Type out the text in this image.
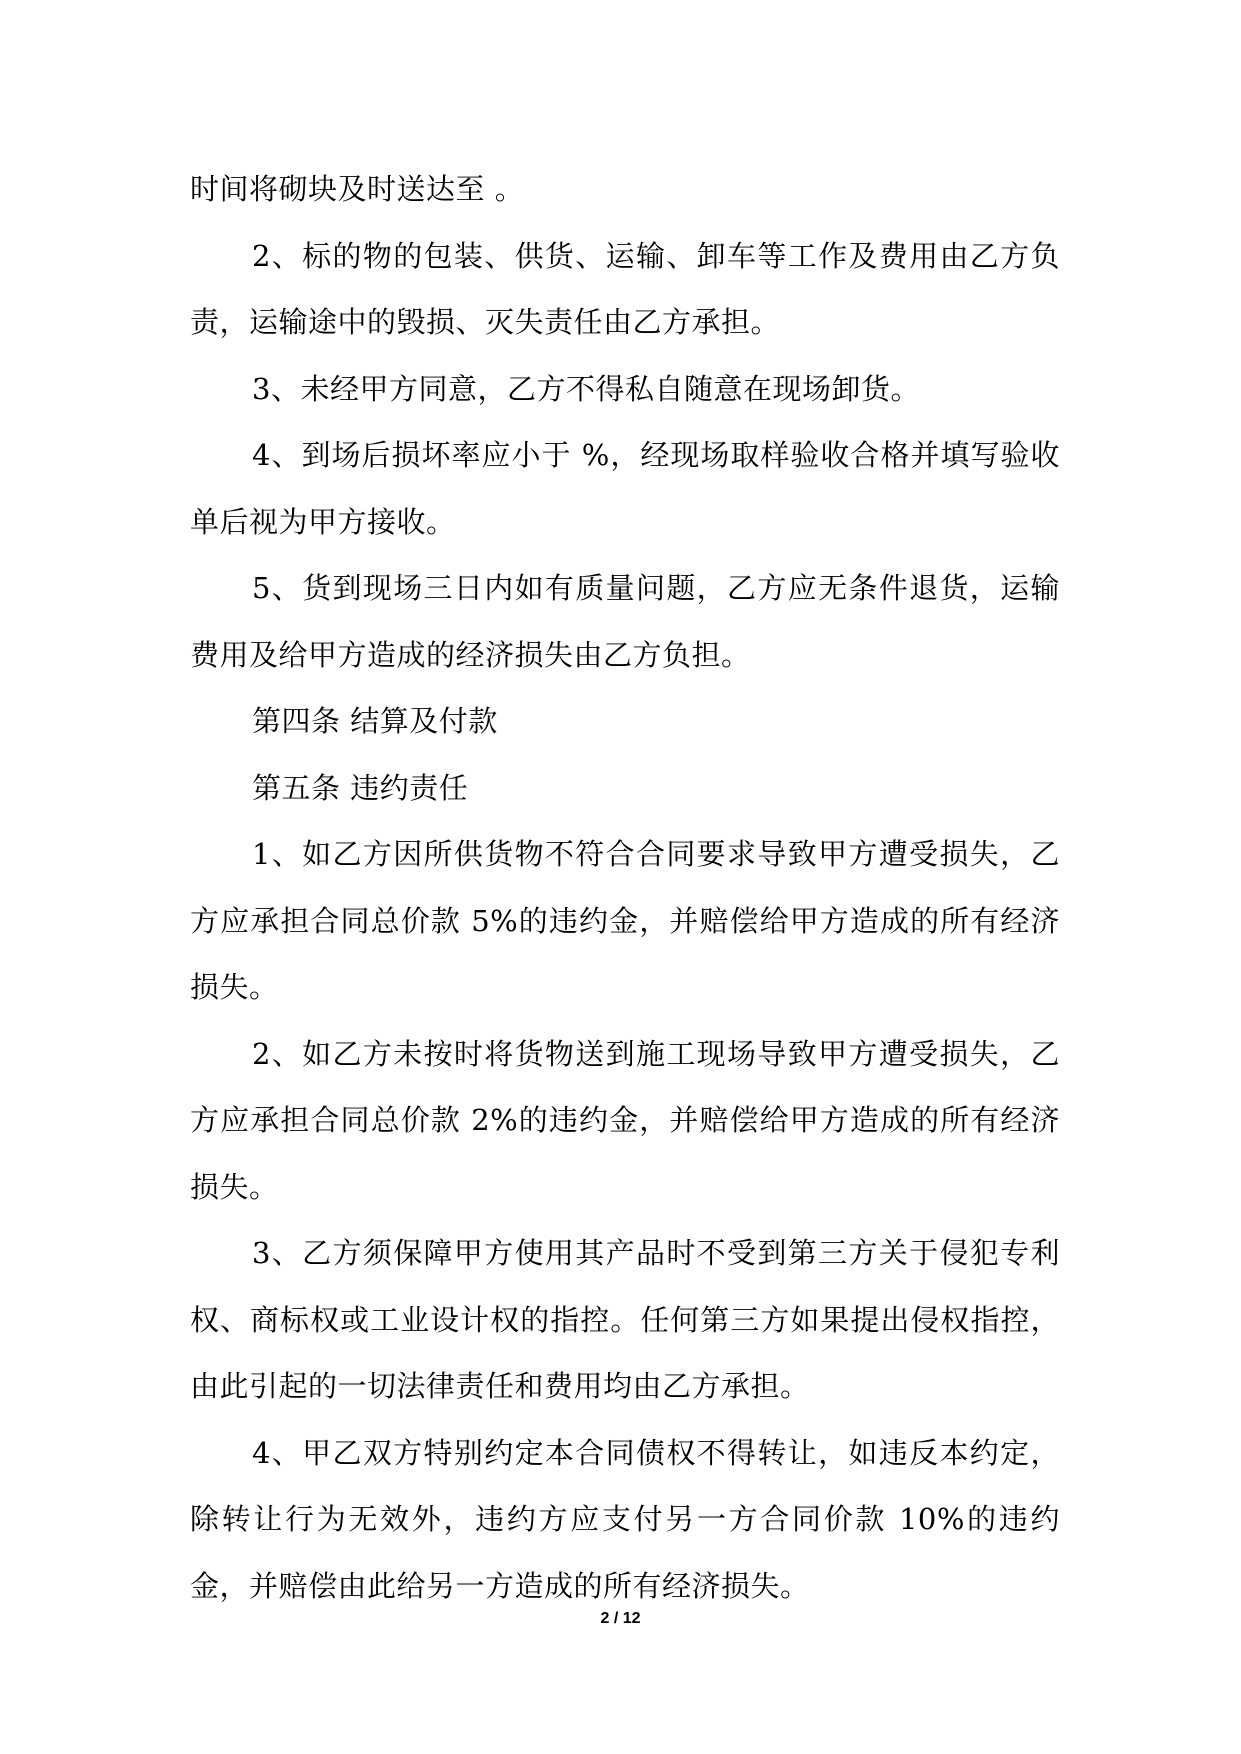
时间将砌块及时送达至 。

2、标的物的包装、供货、运输、卸车等工作及费用由乙方负责，运输途中的毁损、灭失责任由乙方承担。

3、未经甲方同意，乙方不得私自随意在现场卸货。

4、到场后损坏率应小于 %，经现场取样验收合格并填写验收单后视为甲方接收。

5、货到现场三日内如有质量问题，乙方应无条件退货，运输费用及给甲方造成的经济损失由乙方负担。

第四条 结算及付款

第五条 违约责任

1、如乙方因所供货物不符合合同要求导致甲方遭受损失，乙方应承担合同总价款 5%的违约金，并赔偿给甲方造成的所有经济损失。

2、如乙方未按时将货物送到施工现场导致甲方遭受损失，乙方应承担合同总价款 2%的违约金，并赔偿给甲方造成的所有经济损失。

3、乙方须保障甲方使用其产品时不受到第三方关于侵犯专利权、商标权或工业设计权的指控。任何第三方如果提出侵权指控，由此引起的一切法律责任和费用均由乙方承担。

4、甲乙双方特别约定本合同债权不得转让，如违反本约定，除转让行为无效外，违约方应支付另一方合同价款 10%的违约金，并赔偿由此给另一方造成的所有经济损失。

2 / 12
